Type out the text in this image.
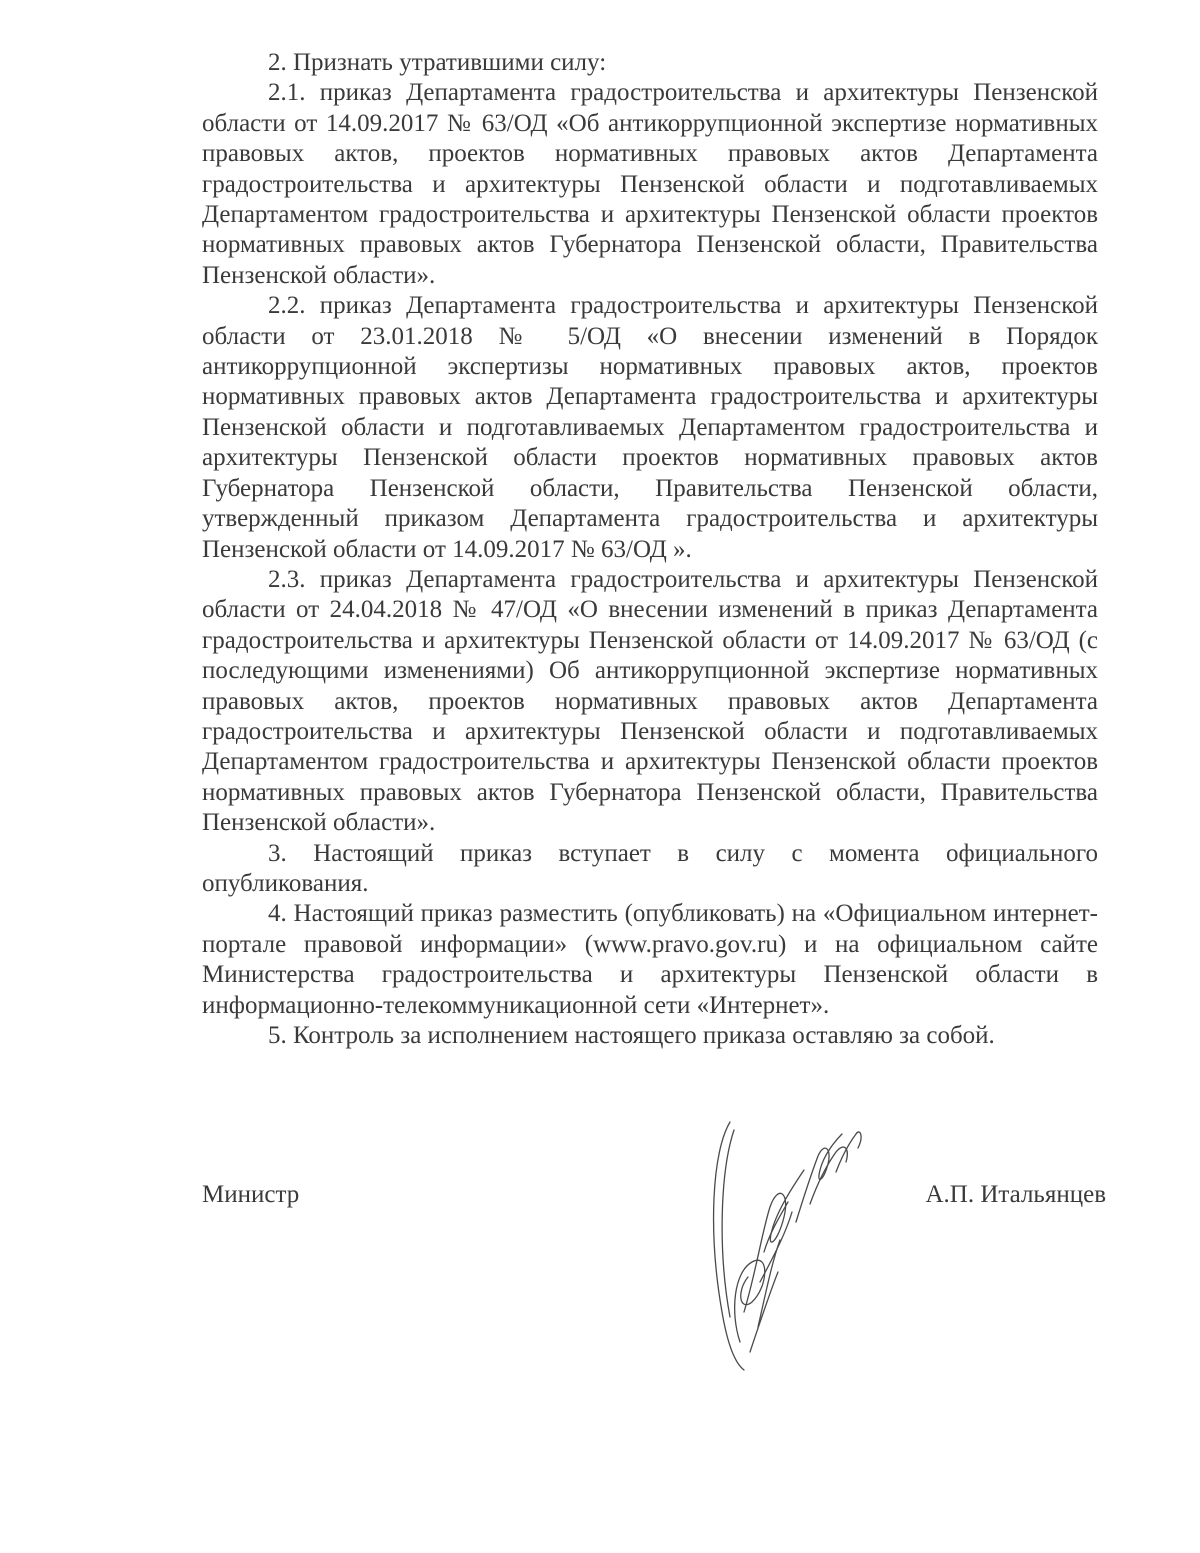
2. Признать утратившими силу:

2.1. приказ Департамента градостроительства и архитектуры Пензенской области от 14.09.2017 № 63/ОД «Об антикоррупционной экспертизе нормативных правовых актов, проектов нормативных правовых актов Департамента градостроительства и архитектуры Пензенской области и подготавливаемых Департаментом градостроительства и архитектуры Пензенской области проектов нормативных правовых актов Губернатора Пензенской области, Правительства Пензенской области».

2.2. приказ Департамента градостроительства и архитектуры Пензенской области от 23.01.2018 № 5/ОД «О внесении изменений в Порядок антикоррупционной экспертизы нормативных правовых актов, проектов нормативных правовых актов Департамента градостроительства и архитектуры Пензенской области и подготавливаемых Департаментом градостроительства и архитектуры Пензенской области проектов нормативных правовых актов Губернатора Пензенской области, Правительства Пензенской области, утвержденный приказом Департамента градостроительства и архитектуры Пензенской области от 14.09.2017 № 63/ОД ».

2.3. приказ Департамента градостроительства и архитектуры Пензенской области от 24.04.2018 № 47/ОД «О внесении изменений в приказ Департамента градостроительства и архитектуры Пензенской области от 14.09.2017 № 63/ОД (с последующими изменениями) Об антикоррупционной экспертизе нормативных правовых актов, проектов нормативных правовых актов Департамента градостроительства и архитектуры Пензенской области и подготавливаемых Департаментом градостроительства и архитектуры Пензенской области проектов нормативных правовых актов Губернатора Пензенской области, Правительства Пензенской области».

3. Настоящий приказ вступает в силу с момента официального опубликования.

4. Настоящий приказ разместить (опубликовать) на «Официальном интернет-портале правовой информации» (www.pravo.gov.ru) и на официальном сайте Министерства градостроительства и архитектуры Пензенской области в информационно-телекоммуникационной сети «Интернет».

5. Контроль за исполнением настоящего приказа оставляю за собой.

Министр	А.П. Итальянцев
